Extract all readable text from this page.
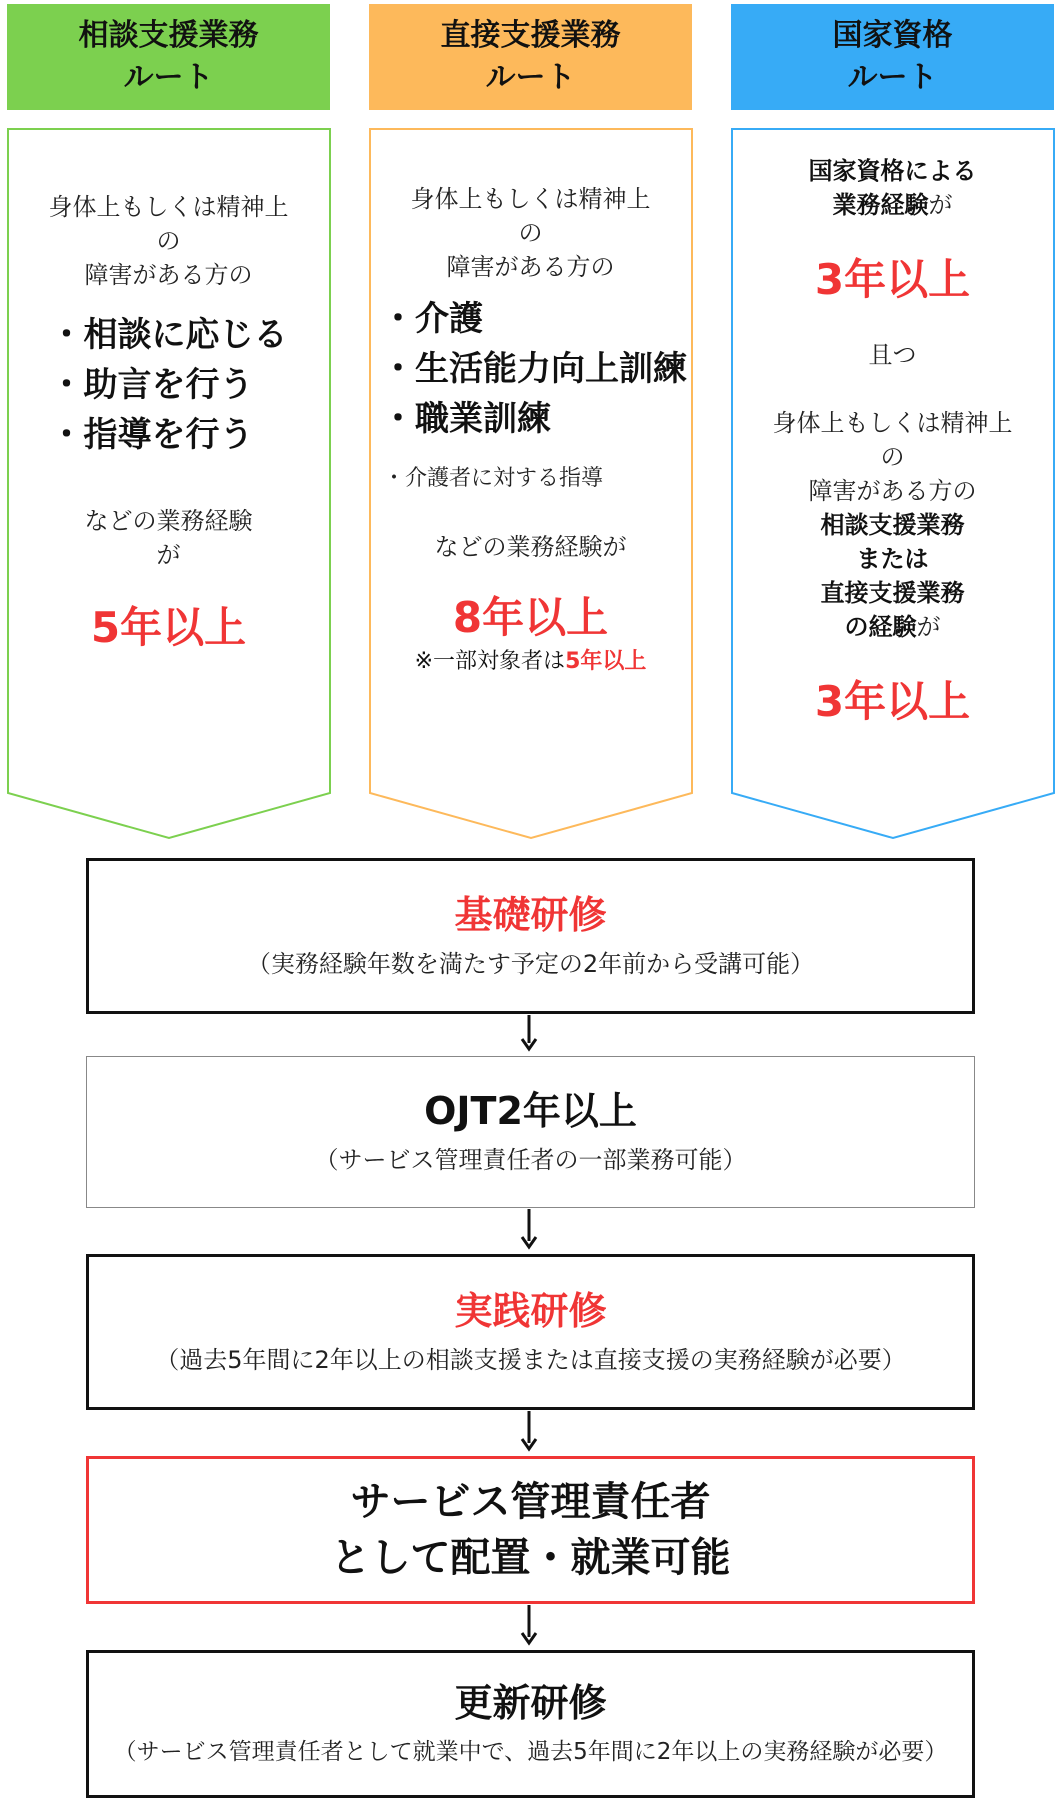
相談支援業務
ルート
直接支援業務
ルート
国家資格
ルート
身体上もしくは精神上
の
障害がある方の
・相談に応じる
・助言を行う
・指導を行う
などの業務経験
が
5年以上
身体上もしくは精神上
の
障害がある方の
・介護
・生活能力向上訓練
・職業訓練
・介護者に対する指導
などの業務経験が
8年以上
※一部対象者は5年以上
国家資格による
業務経験が
3年以上
且つ
身体上もしくは精神上
の
障害がある方の
相談支援業務
または
直接支援業務
の経験が
3年以上
基礎研修
（実務経験年数を満たす予定の2年前から受講可能）
OJT2年以上
（サービス管理責任者の一部業務可能）
実践研修
（過去5年間に2年以上の相談支援または直接支援の実務経験が必要）
サービス管理責任者
として配置・就業可能
更新研修
（サービス管理責任者として就業中で、過去5年間に2年以上の実務経験が必要）
